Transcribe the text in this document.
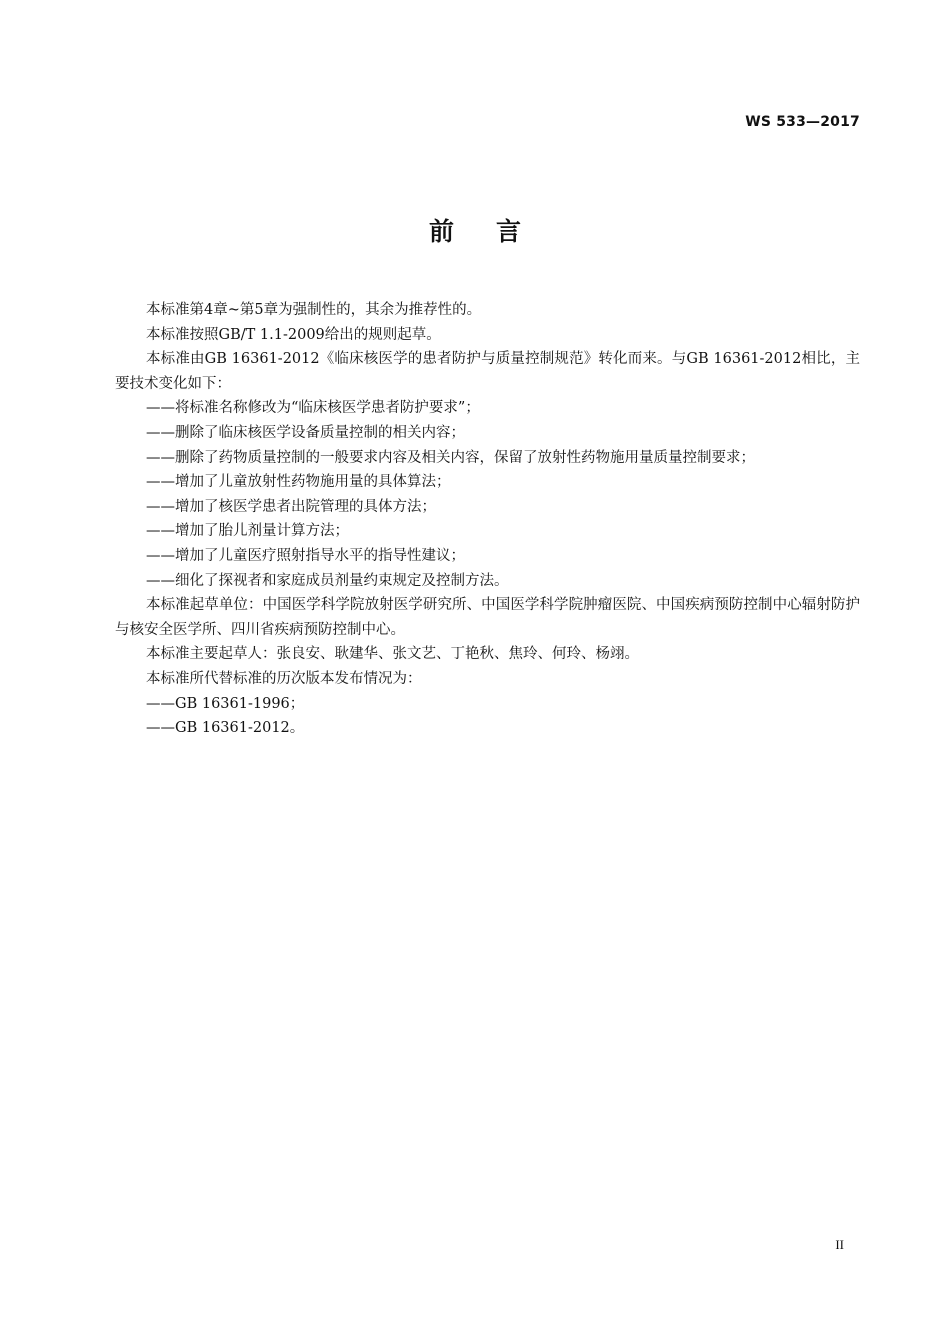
WS 533—2017
前言

本标准第4章~第5章为强制性的，其余为推荐性的。

本标准按照GB/T 1.1-2009给出的规则起草。

本标准由GB 16361-2012《临床核医学的患者防护与质量控制规范》转化而来。与GB 16361-2012相比，主要技术变化如下：

——将标准名称修改为“临床核医学患者防护要求”；

——删除了临床核医学设备质量控制的相关内容；

——删除了药物质量控制的一般要求内容及相关内容，保留了放射性药物施用量质量控制要求；

——增加了儿童放射性药物施用量的具体算法；

——增加了核医学患者出院管理的具体方法；

——增加了胎儿剂量计算方法；

——增加了儿童医疗照射指导水平的指导性建议；

——细化了探视者和家庭成员剂量约束规定及控制方法。

本标准起草单位：中国医学科学院放射医学研究所、中国医学科学院肿瘤医院、中国疾病预防控制中心辐射防护与核安全医学所、四川省疾病预防控制中心。

本标准主要起草人：张良安、耿建华、张文艺、丁艳秋、焦玲、何玲、杨翊。

本标准所代替标准的历次版本发布情况为：

——GB 16361-1996；

——GB 16361-2012。

II
